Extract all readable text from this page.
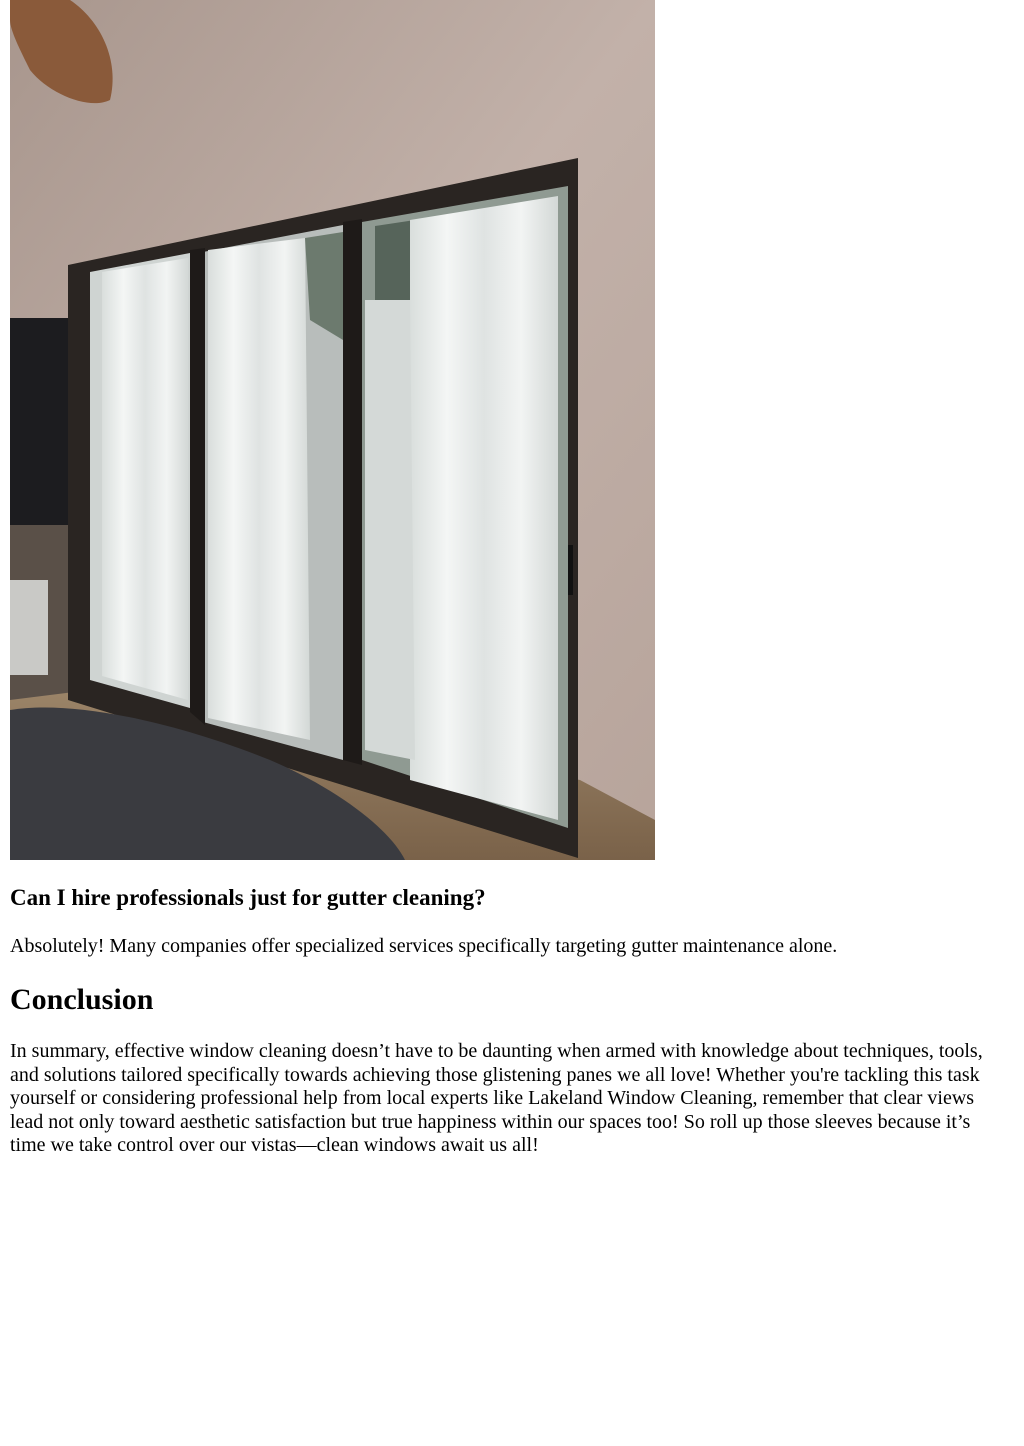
Can I hire professionals just for gutter cleaning?

Absolutely! Many companies offer specialized services specifically targeting gutter maintenance alone.

Conclusion

In summary, effective window cleaning doesn’t have to be daunting when armed with knowledge about techniques, tools, and solutions tailored specifically towards achieving those glistening panes we all love! Whether you're tackling this task yourself or considering professional help from local experts like Lakeland Window Cleaning, remember that clear views lead not only toward aesthetic satisfaction but true happiness within our spaces too! So roll up those sleeves because it’s time we take control over our vistas—clean windows await us all!
